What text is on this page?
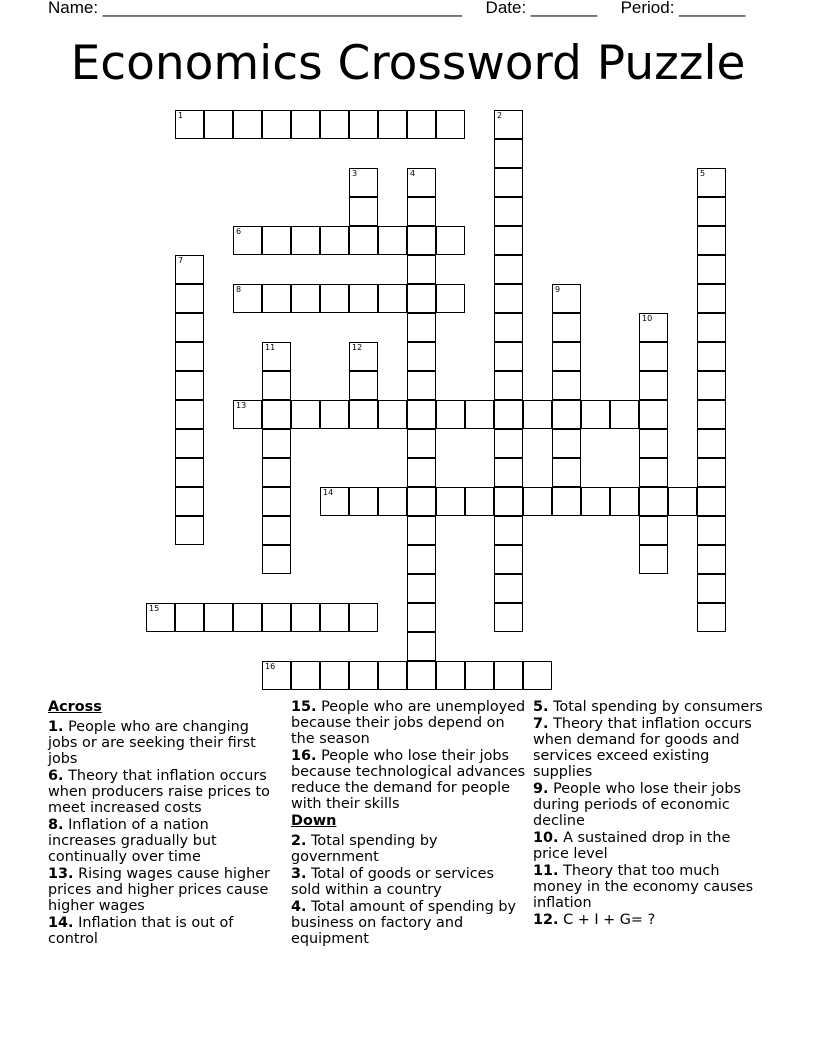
Name: ______________________________________ Date: _______ Period: _______
Economics Crossword Puzzle
1	2
3	4	5
6
7
8	9
10
11	12
13
14
15
16
Across
1. People who are changing jobs or are seeking their first jobs
6. Theory that inflation occurs when producers raise prices to meet increased costs
8. Inflation of a nation increases gradually but continually over time
13. Rising wages cause higher prices and higher prices cause higher wages
14. Inflation that is out of control
15. People who are unemployed because their jobs depend on the season
16. People who lose their jobs because technological advances reduce the demand for people with their skills
Down
2. Total spending by government
3. Total of goods or services sold within a country
4. Total amount of spending by business on factory and equipment
5. Total spending by consumers
7. Theory that inflation occurs when demand for goods and services exceed existing supplies
9. People who lose their jobs during periods of economic decline
10. A sustained drop in the price level
11. Theory that too much money in the economy causes inflation
12. C + I + G= ?
